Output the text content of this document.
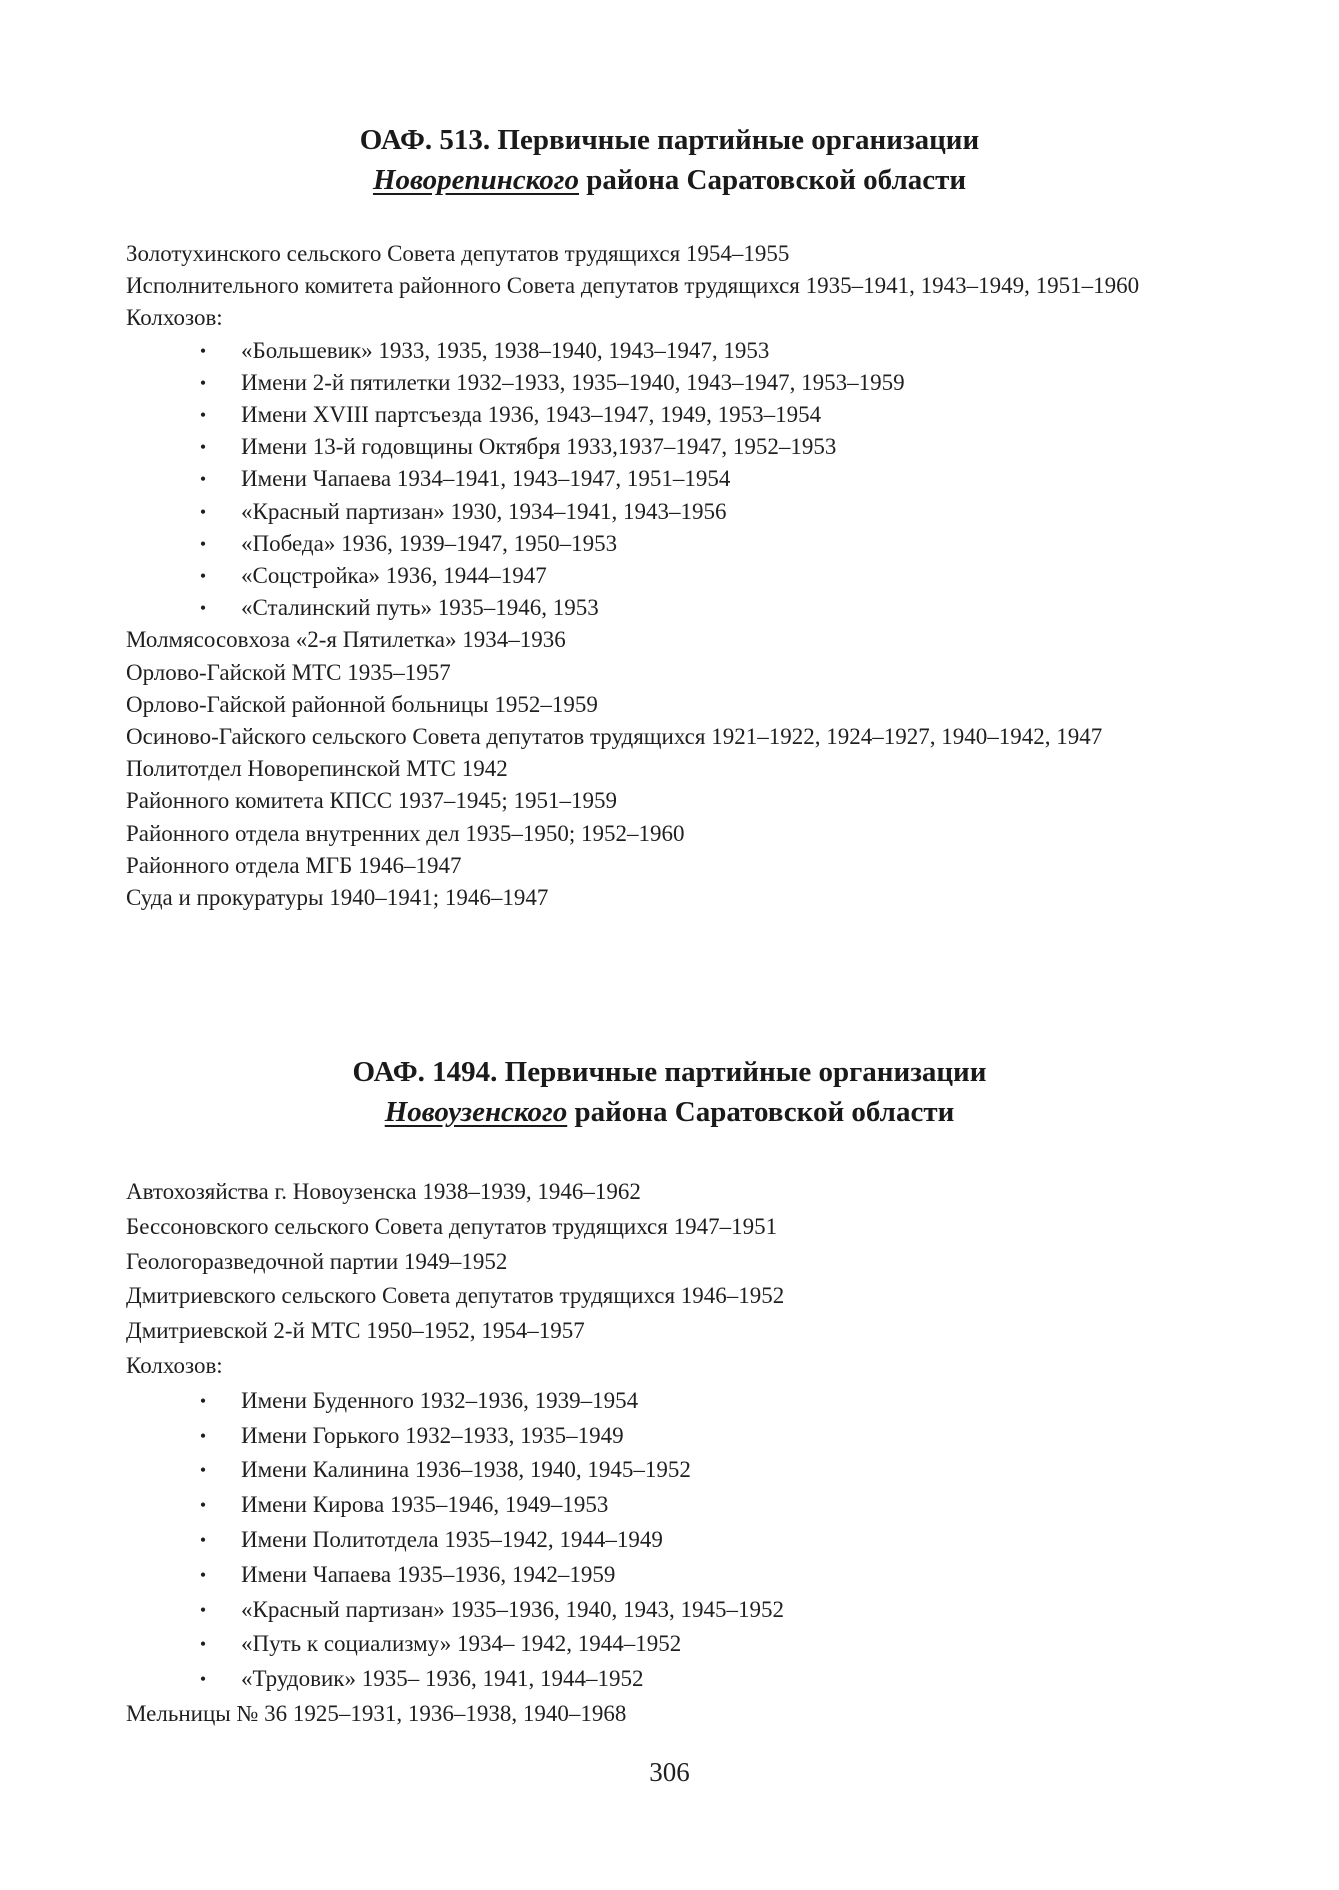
ОАФ. 513. Первичные партийные организации
Новорепинского района Саратовской области
Золотухинского сельского Совета депутатов трудящихся 1954–1955
Исполнительного комитета районного Совета депутатов трудящихся 1935–1941, 1943–1949, 1951–1960
Колхозов:
• «Большевик» 1933, 1935, 1938–1940, 1943–1947, 1953
• Имени 2-й пятилетки 1932–1933, 1935–1940, 1943–1947, 1953–1959
• Имени XVIII партсъезда 1936, 1943–1947, 1949, 1953–1954
• Имени 13-й годовщины Октября 1933,1937–1947, 1952–1953
• Имени Чапаева 1934–1941, 1943–1947, 1951–1954
• «Красный партизан» 1930, 1934–1941, 1943–1956
• «Победа» 1936, 1939–1947, 1950–1953
• «Соцстройка» 1936, 1944–1947
• «Сталинский путь» 1935–1946, 1953
Молмясосовхоза «2-я Пятилетка» 1934–1936
Орлово-Гайской МТС 1935–1957
Орлово-Гайской районной больницы 1952–1959
Осиново-Гайского сельского Совета депутатов трудящихся 1921–1922, 1924–1927, 1940–1942, 1947
Политотдел Новорепинской МТС 1942
Районного комитета КПСС 1937–1945; 1951–1959
Районного отдела внутренних дел 1935–1950; 1952–1960
Районного отдела МГБ 1946–1947
Суда и прокуратуры 1940–1941; 1946–1947
ОАФ. 1494. Первичные партийные организации
Новоузенского района Саратовской области
Автохозяйства г. Новоузенска 1938–1939, 1946–1962
Бессоновского сельского Совета депутатов трудящихся 1947–1951
Геологоразведочной партии 1949–1952
Дмитриевского сельского Совета депутатов трудящихся 1946–1952
Дмитриевской 2-й МТС 1950–1952, 1954–1957
Колхозов:
• Имени Буденного 1932–1936, 1939–1954
• Имени Горького 1932–1933, 1935–1949
• Имени Калинина 1936–1938, 1940, 1945–1952
• Имени Кирова 1935–1946, 1949–1953
• Имени Политотдела 1935–1942, 1944–1949
• Имени Чапаева 1935–1936, 1942–1959
• «Красный партизан» 1935–1936, 1940, 1943, 1945–1952
• «Путь к социализму» 1934– 1942, 1944–1952
• «Трудовик» 1935– 1936, 1941, 1944–1952
Мельницы № 36 1925–1931, 1936–1938, 1940–1968
306
